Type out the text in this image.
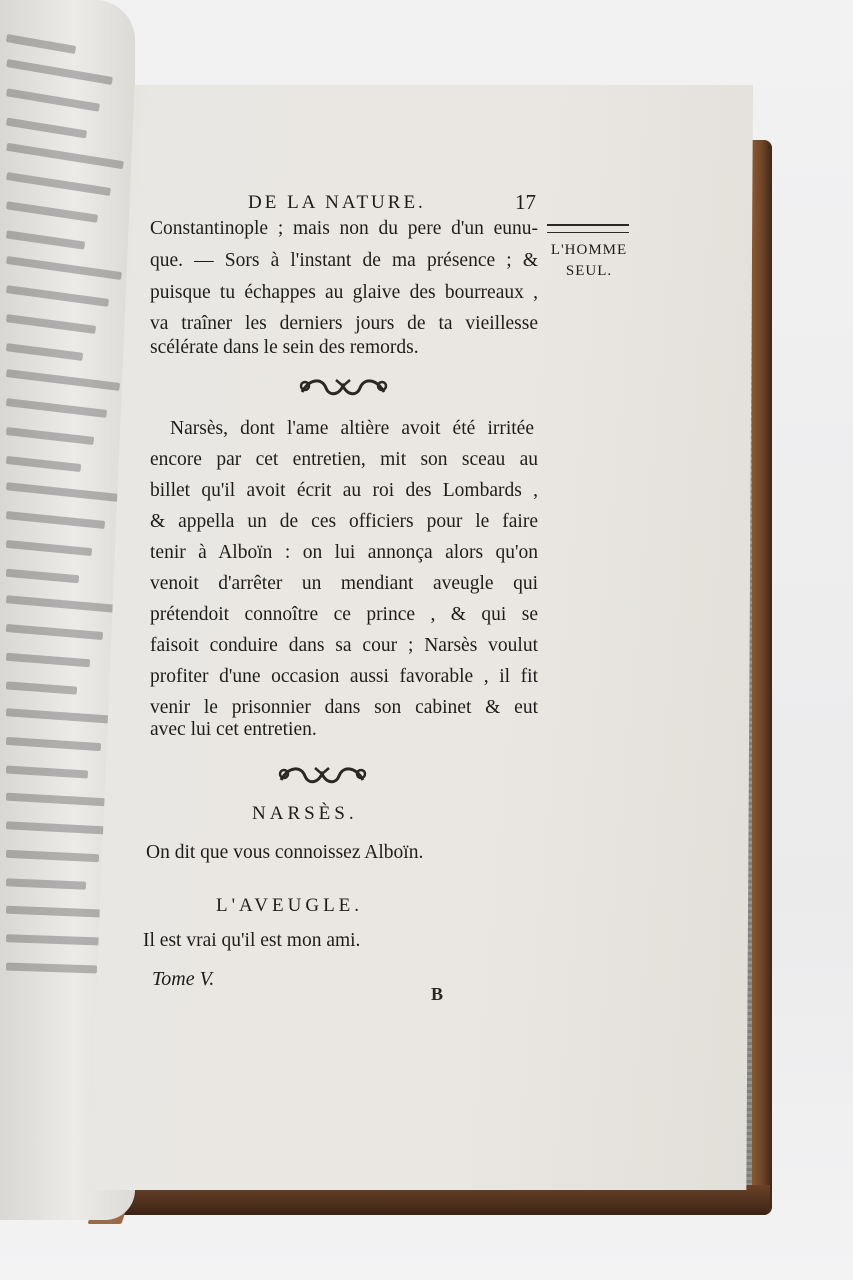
DE LA NATURE.	17
L'HOMME
SEUL.
Constantinople ; mais non du pere d'un eunu-
que. — Sors à l'instant de ma présence ; &
puisque tu échappes au glaive des bourreaux ,
va traîner les derniers jours de ta vieillesse
scélérate dans le sein des remords.
Narsès, dont l'ame altière avoit été irritée
encore par cet entretien, mit son sceau au
billet qu'il avoit écrit au roi des Lombards ,
& appella un de ces officiers pour le faire
tenir à Alboïn : on lui annonça alors qu'on
venoit d'arrêter un mendiant aveugle qui
prétendoit connoître ce prince , & qui se
faisoit conduire dans sa cour ; Narsès voulut
profiter d'une occasion aussi favorable , il fit
venir le prisonnier dans son cabinet & eut
avec lui cet entretien.
NARSÈS.
On dit que vous connoissez Alboïn.
L'AVEUGLE.
Il est vrai qu'il est mon ami.
Tome V.
B
